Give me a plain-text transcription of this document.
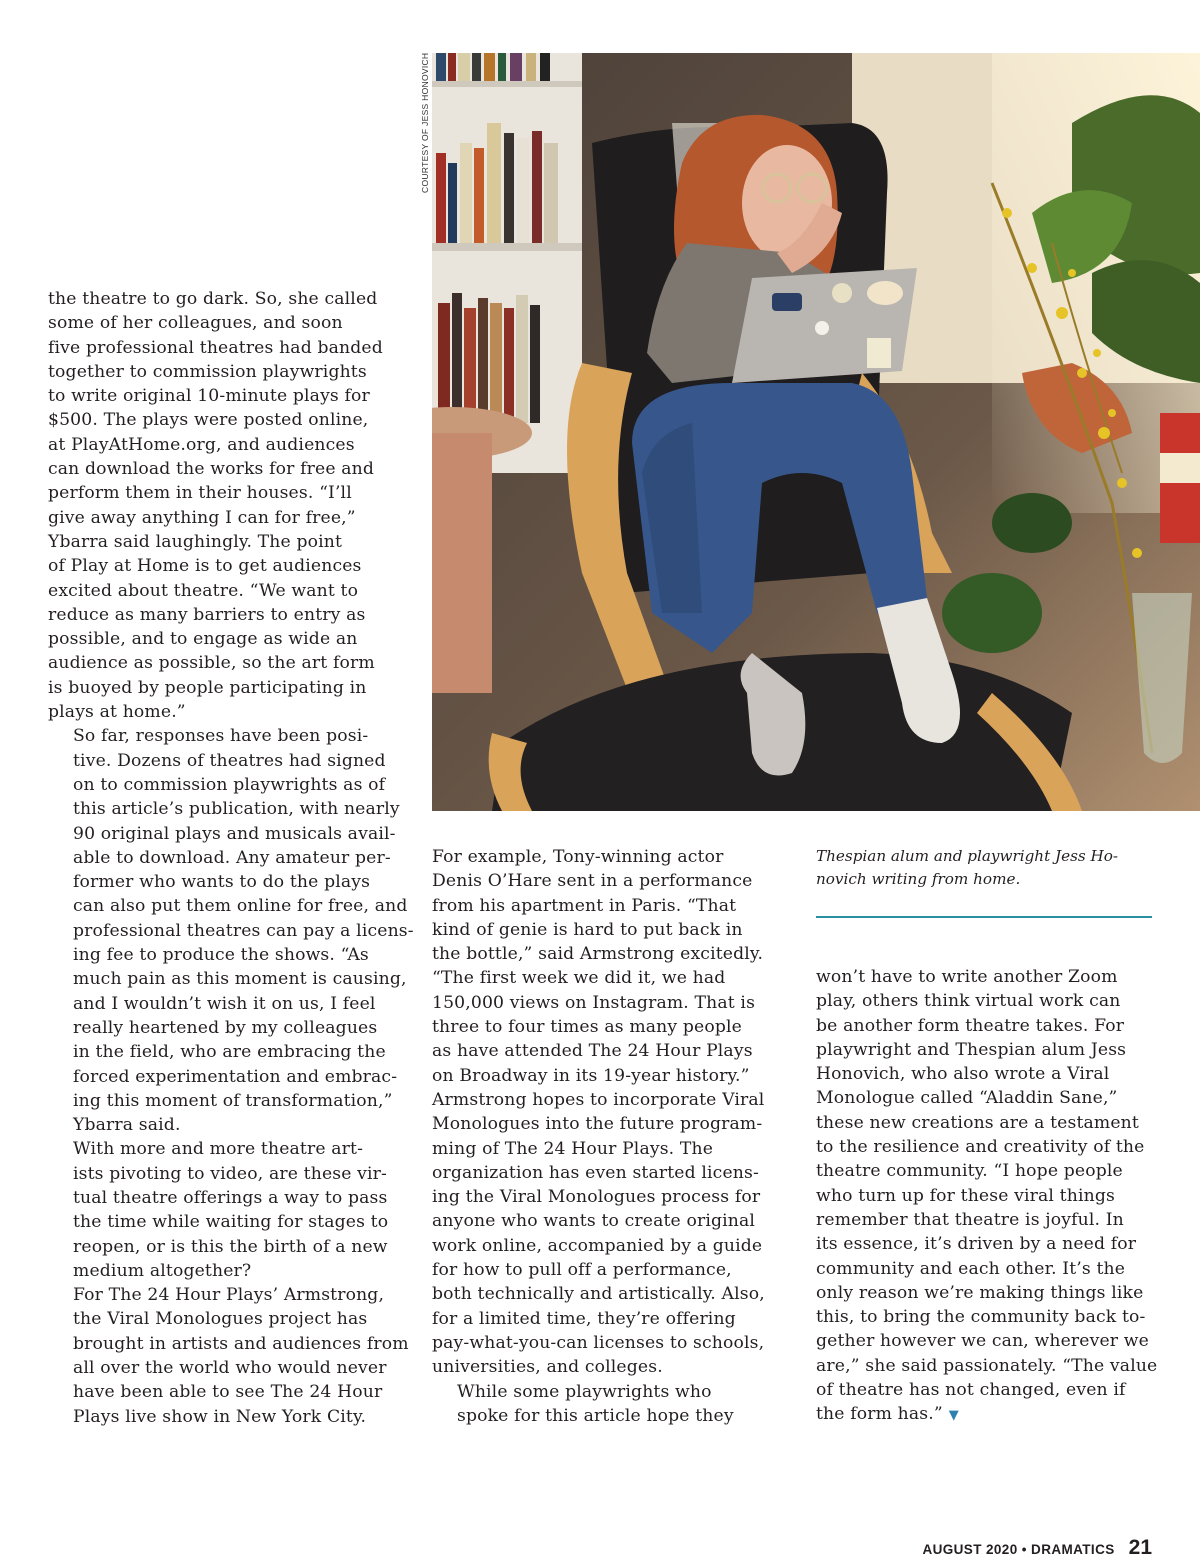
COURTESY OF JESS HONOVICH
Thespian alum and playwright Jess Ho-
novich writing from home.

the theatre to go dark. So, she called
some of her colleagues, and soon
five professional theatres had banded
together to commission playwrights
to write original 10-minute plays for
$500. The plays were posted online,
at PlayAtHome.org, and audiences
can download the works for free and
perform them in their houses. “I’ll
give away anything I can for free,”
Ybarra said laughingly. The point
of Play at Home is to get audiences
excited about theatre. “We want to
reduce as many barriers to entry as
possible, and to engage as wide an
audience as possible, so the art form
is buoyed by people participating in
plays at home.”

So far, responses have been posi-
tive. Dozens of theatres had signed
on to commission playwrights as of
this article’s publication, with nearly
90 original plays and musicals avail-
able to download. Any amateur per-
former who wants to do the plays
can also put them online for free, and
professional theatres can pay a licens-
ing fee to produce the shows. “As
much pain as this moment is causing,
and I wouldn’t wish it on us, I feel
really heartened by my colleagues
in the field, who are embracing the
forced experimentation and embrac-
ing this moment of transformation,”
Ybarra said.

With more and more theatre art-
ists pivoting to video, are these vir-
tual theatre offerings a way to pass
the time while waiting for stages to
reopen, or is this the birth of a new
medium altogether?

For The 24 Hour Plays’ Armstrong,
the Viral Monologues project has
brought in artists and audiences from
all over the world who would never
have been able to see The 24 Hour
Plays live show in New York City.

For example, Tony-winning actor
Denis O’Hare sent in a performance
from his apartment in Paris. “That
kind of genie is hard to put back in
the bottle,” said Armstrong excitedly.
“The first week we did it, we had
150,000 views on Instagram. That is
three to four times as many people
as have attended The 24 Hour Plays
on Broadway in its 19-year history.”
Armstrong hopes to incorporate Viral
Monologues into the future program-
ming of The 24 Hour Plays. The
organization has even started licens-
ing the Viral Monologues process for
anyone who wants to create original
work online, accompanied by a guide
for how to pull off a performance,
both technically and artistically. Also,
for a limited time, they’re offering
pay-what-you-can licenses to schools,
universities, and colleges.

While some playwrights who
spoke for this article hope they

won’t have to write another Zoom
play, others think virtual work can
be another form theatre takes. For
playwright and Thespian alum Jess
Honovich, who also wrote a Viral
Monologue called “Aladdin Sane,”
these new creations are a testament
to the resilience and creativity of the
theatre community. “I hope people
who turn up for these viral things
remember that theatre is joyful. In
its essence, it’s driven by a need for
community and each other. It’s the
only reason we’re making things like
this, to bring the community back to-
gether however we can, wherever we
are,” she said passionately. “The value
of theatre has not changed, even if
the form has.” ▼

AUGUST 2020 • DRAMATICS 21
